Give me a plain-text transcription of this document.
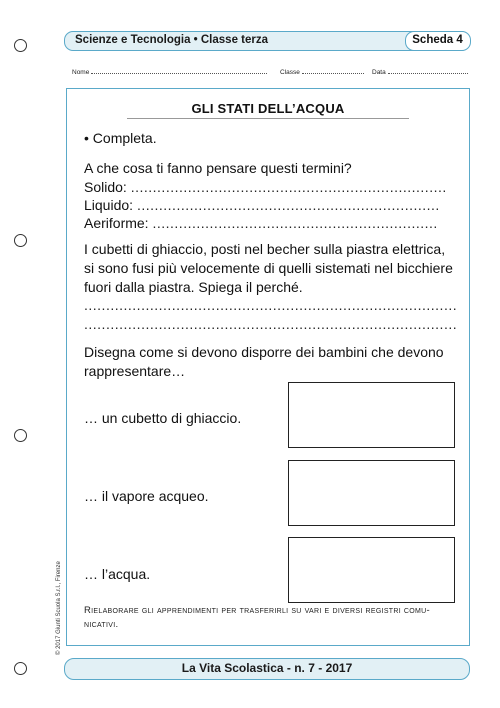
Scienze e Tecnologia • Classe terza	Scheda 4
Nome	Classe	Data
GLI STATI DELL’ACQUA
• Completa.
A che cosa ti fanno pensare questi termini?
Solido: ........................................................................
Liquido: .....................................................................
Aeriforme: .................................................................
I cubetti di ghiaccio, posti nel becher sulla piastra elettrica,
si sono fusi più velocemente di quelli sistemati nel bicchiere
fuori dalla piastra. Spiega il perché.
.....................................................................................
.....................................................................................
Disegna come si devono disporre dei bambini che devono
rappresentare…
… un cubetto di ghiaccio.
… il vapore acqueo.
… l’acqua.
Rielaborare gli apprendimenti per trasferirli su vari e diversi registri comu-
nicativi.
© 2017 Giunti Scuola S.r.l., Firenze
La Vita Scolastica - n. 7 - 2017
